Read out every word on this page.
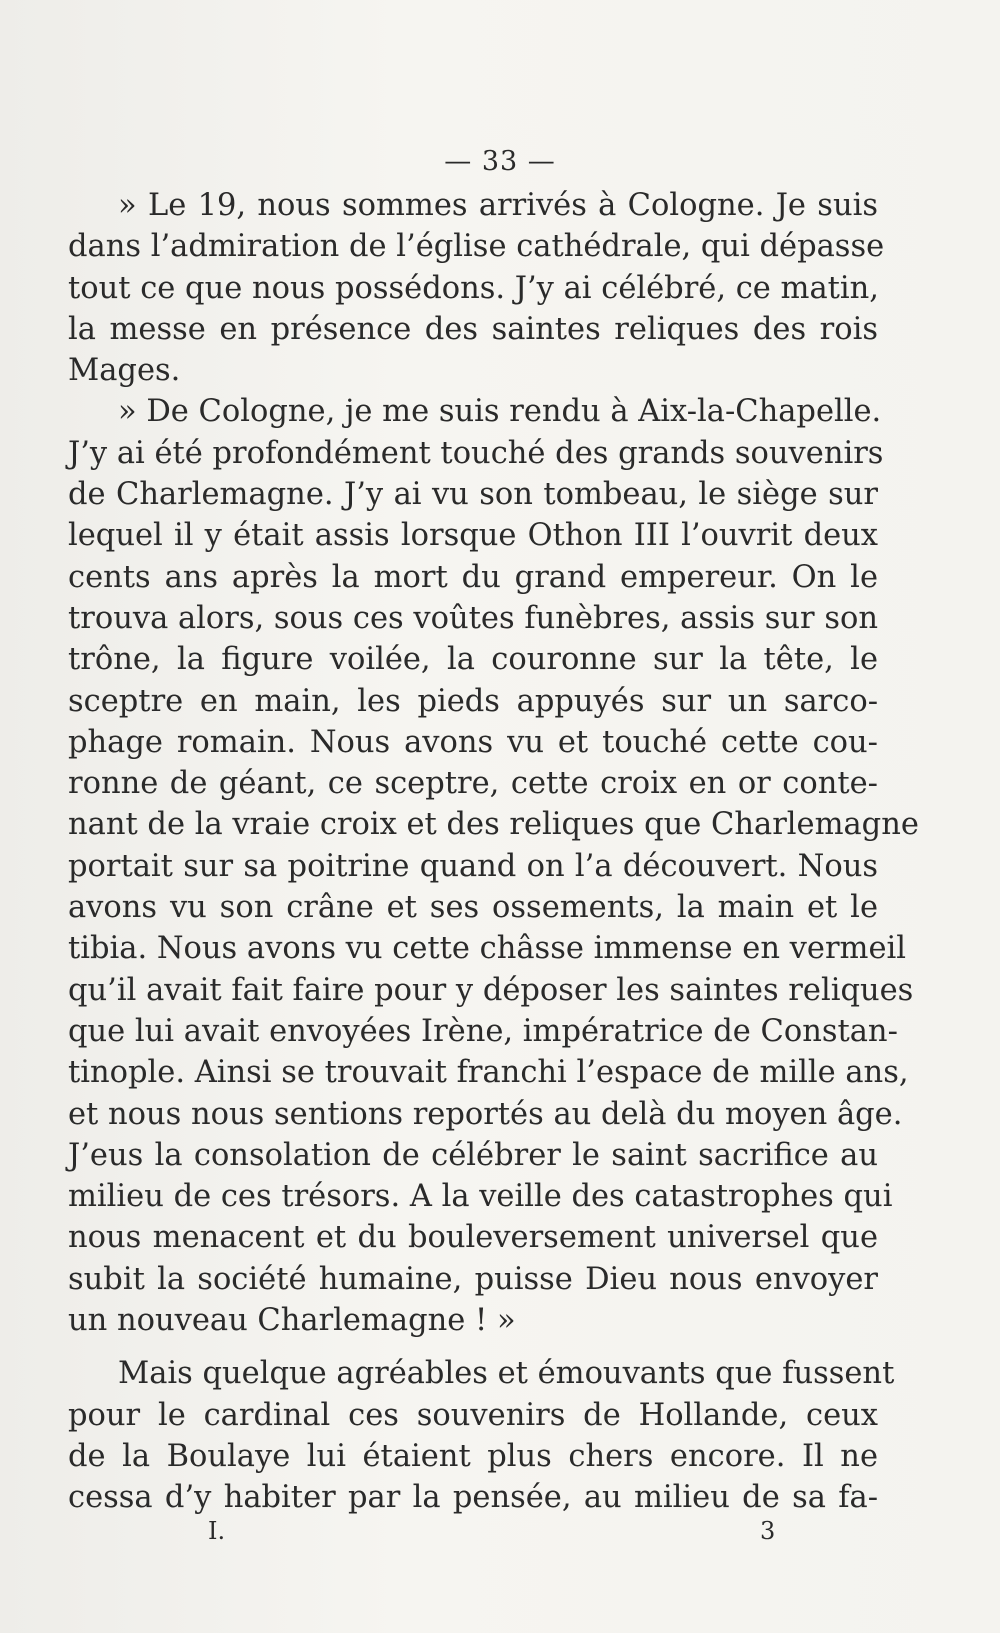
— 33 —
» Le 19, nous sommes arrivés à Cologne. Je suis
dans l’admiration de l’église cathédrale, qui dépasse
tout ce que nous possédons. J’y ai célébré, ce matin,
la messe en présence des saintes reliques des rois
Mages.
» De Cologne, je me suis rendu à Aix-la-Chapelle.
J’y ai été profondément touché des grands souvenirs
de Charlemagne. J’y ai vu son tombeau, le siège sur
lequel il y était assis lorsque Othon III l’ouvrit deux
cents ans après la mort du grand empereur. On le
trouva alors, sous ces voûtes funèbres, assis sur son
trône, la figure voilée, la couronne sur la tête, le
sceptre en main, les pieds appuyés sur un sarco-
phage romain. Nous avons vu et touché cette cou-
ronne de géant, ce sceptre, cette croix en or conte-
nant de la vraie croix et des reliques que Charlemagne
portait sur sa poitrine quand on l’a découvert. Nous
avons vu son crâne et ses ossements, la main et le
tibia. Nous avons vu cette châsse immense en vermeil
qu’il avait fait faire pour y déposer les saintes reliques
que lui avait envoyées Irène, impératrice de Constan-
tinople. Ainsi se trouvait franchi l’espace de mille ans,
et nous nous sentions reportés au delà du moyen âge.
J’eus la consolation de célébrer le saint sacrifice au
milieu de ces trésors. A la veille des catastrophes qui
nous menacent et du bouleversement universel que
subit la société humaine, puisse Dieu nous envoyer
un nouveau Charlemagne ! »
Mais quelque agréables et émouvants que fussent
pour le cardinal ces souvenirs de Hollande, ceux
de la Boulaye lui étaient plus chers encore. Il ne
cessa d’y habiter par la pensée, au milieu de sa fa-
I.	3
